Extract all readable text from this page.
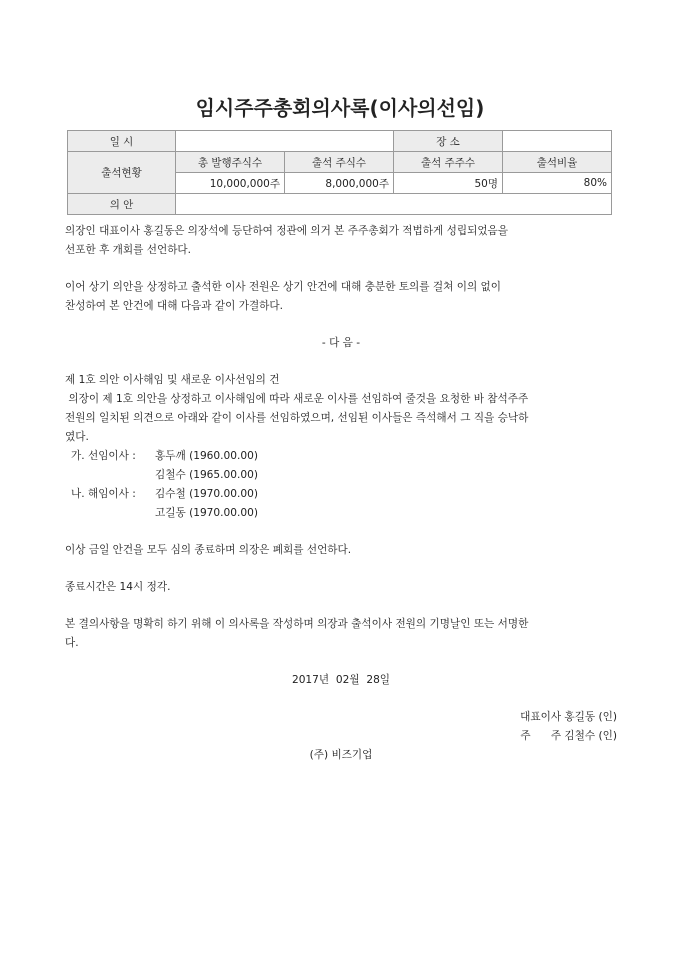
임시주주총회의사록(이사의선임)
일 시			장 소	
출석현황	총 발행주식수	출석 주식수	출석 주주수	출석비율
	10,000,000주	8,000,000주	50명	80%
의 안				

의장인 대표이사 홍길동은 의장석에 등단하여 정관에 의거 본 주주총회가 적법하게 성립되었음을

선포한 후 개회를 선언하다.

이어 상기 의안을 상정하고 출석한 이사 전원은 상기 안건에 대해 충분한 토의를 걸쳐 이의 없이

찬성하여 본 안건에 대해 다음과 같이 가결하다.

- 다 음 -

제 1호 의안 이사해임 및 새로운 이사선임의 건

의장이 제 1호 의안을 상정하고 이사해임에 따라 새로운 이사를 선임하여 줄것을 요청한 바 참석주주

전원의 일치된 의견으로 아래와 같이 이사를 선임하였으며, 선임된 이사들은 즉석해서 그 직을 승낙하

였다.

가. 선임이사 :	홍두깨 (1960.00.00)
김철수 (1965.00.00)
나. 해임이사 :	김수철 (1970.00.00)
고길동 (1970.00.00)

이상 금일 안건을 모두 심의 종료하며 의장은 폐회를 선언하다.

종료시간은 14시 정각.

본 결의사항을 명확히 하기 위해 이 의사록을 작성하며 의장과 출석이사 전원의 기명날인 또는 서명한

다.

2017년  02월  28일

대표이사 홍길동 (인)

주      주 김철수 (인)

(주) 비즈기업
